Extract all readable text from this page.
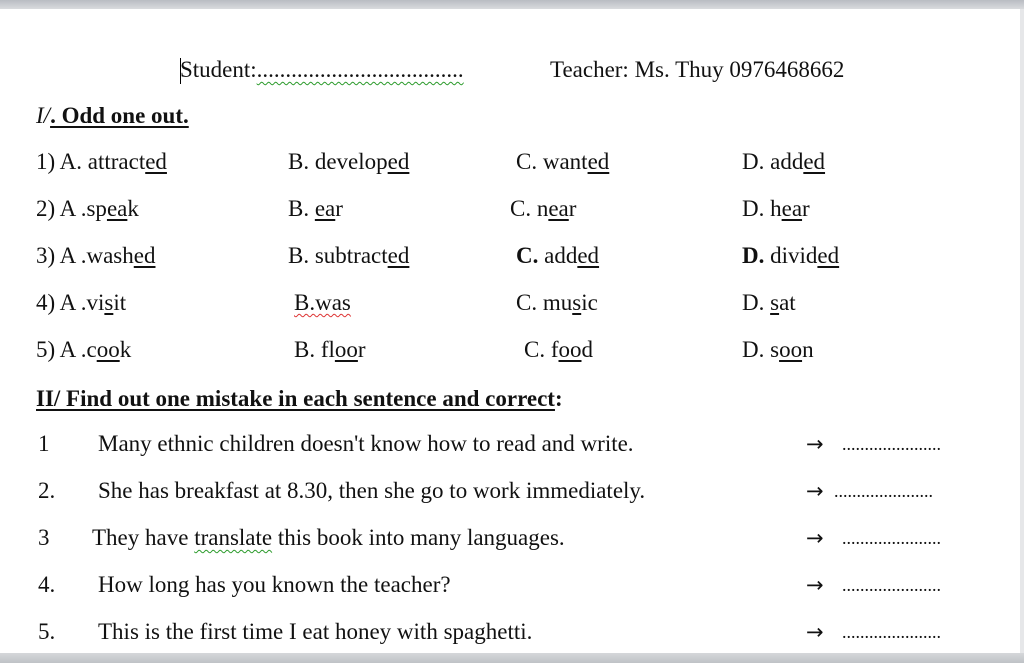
Student:....................................	Teacher: Ms. Thuy 0976468662
I/. Odd one out.
1) A. attracted	B. developed	C. wanted	D. added
2) A .speak	B. ear	C. near	D. hear
3) A .washed	B. subtracted	C. added	D. divided
4) A .visit	B.was	C. music	D. sat
5) A .cook	B. floor	C. food	D. soon
II/ Find out one mistake in each sentence and correct:
1 Many ethnic children doesn't know how to read and write.	→ ......................
2. She has breakfast at 8.30, then she go to work immediately.	→ ......................
3 They have translate this book into many languages.	→ ......................
4. How long has you known the teacher?	→ ......................
5. This is the first time I eat honey with spaghetti.	→ ......................
